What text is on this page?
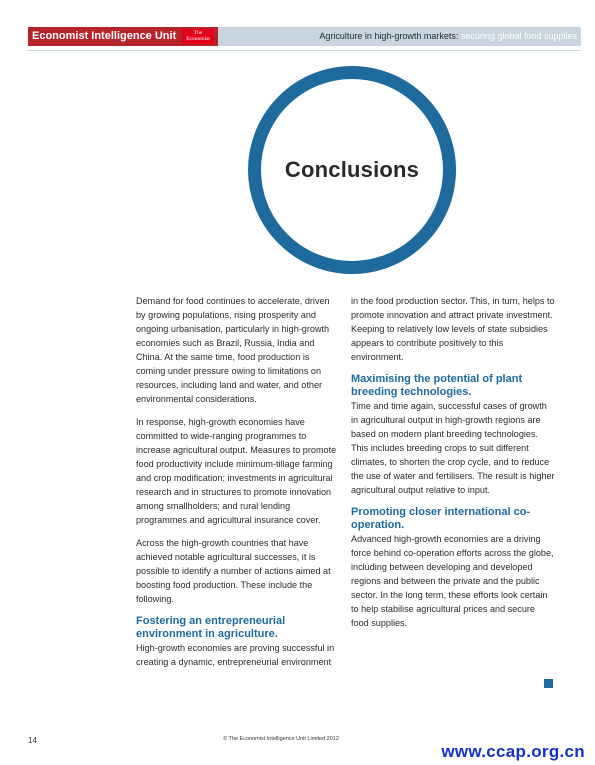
Economist Intelligence Unit	The Economist	Agriculture in high-growth markets: securing global food supplies
Conclusions

Demand for food continues to accelerate, driven by growing populations, rising prosperity and ongoing urbanisation, particularly in high-growth economies such as Brazil, Russia, India and China. At the same time, food production is coming under pressure owing to limitations on resources, including land and water, and other environmental considerations.

In response, high-growth economies have committed to wide-ranging programmes to increase agricultural output. Measures to promote food productivity include minimum-tillage farming and crop modification; investments in agricultural research and in structures to promote innovation among smallholders; and rural lending programmes and agricultural insurance cover.

Across the high-growth countries that have achieved notable agricultural successes, it is possible to identify a number of actions aimed at boosting food production. These include the following.

Fostering an entrepreneurial environment in agriculture.

High-growth economies are proving successful in creating a dynamic, entrepreneurial environment

in the food production sector. This, in turn, helps to promote innovation and attract private investment. Keeping to relatively low levels of state subsidies appears to contribute positively to this environment.

Maximising the potential of plant breeding technologies.

Time and time again, successful cases of growth in agricultural output in high-growth regions are based on modern plant breeding technologies. This includes breeding crops to suit different climates, to shorten the crop cycle, and to reduce the use of water and fertilisers. The result is higher agricultural output relative to input.

Promoting closer international co-operation.

Advanced high-growth economies are a driving force behind co-operation efforts across the globe, including between developing and developed regions and between the private and the public sector. In the long term, these efforts look certain to help stabilise agricultural prices and secure food supplies.

14	© The Economist Intelligence Unit Limited 2012
www.ccap.org.cn
